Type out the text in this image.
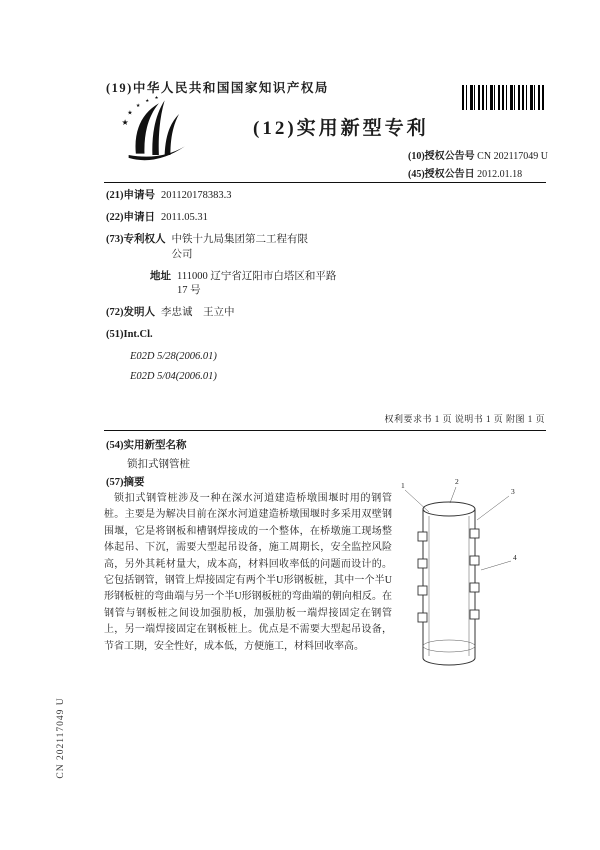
(19)中华人民共和国国家知识产权局
★
★
★
★
★
(12)实用新型专利
(10)授权公告号 CN 202117049 U
(45)授权公告日 2012.01.18
(21)申请号 201120178383.3
(22)申请日 2011.05.31
(73)专利权人 中铁十九局集团第二工程有限公司
地址 111000 辽宁省辽阳市白塔区和平路 17 号
(72)发明人 李忠诚　王立中
(51)Int.Cl.
E02D 5/28(2006.01)
E02D 5/04(2006.01)
权利要求书 1 页 说明书 1 页 附图 1 页
(54)实用新型名称
锁扣式钢管桩
(57)摘要
锁扣式钢管桩涉及一种在深水河道建造桥墩围堰时用的钢管桩。主要是为解决目前在深水河道建造桥墩围堰时多采用双壁钢围堰，它是将钢板和槽钢焊接成的一个整体，在桥墩施工现场整体起吊、下沉，需要大型起吊设备，施工周期长，安全监控风险高，另外其耗材量大，成本高，材料回收率低的问题而设计的。它包括钢管，钢管上焊接固定有两个半U形钢板桩，其中一个半U形钢板桩的弯曲端与另一个半U形钢板桩的弯曲端的朝向相反。在钢管与钢板桩之间设加强肋板，加强肋板一端焊接固定在钢管上，另一端焊接固定在钢板桩上。优点是不需要大型起吊设备，节省工期，安全性好，成本低，方便施工，材料回收率高。
1	2
3
4
CN 202117049 U
